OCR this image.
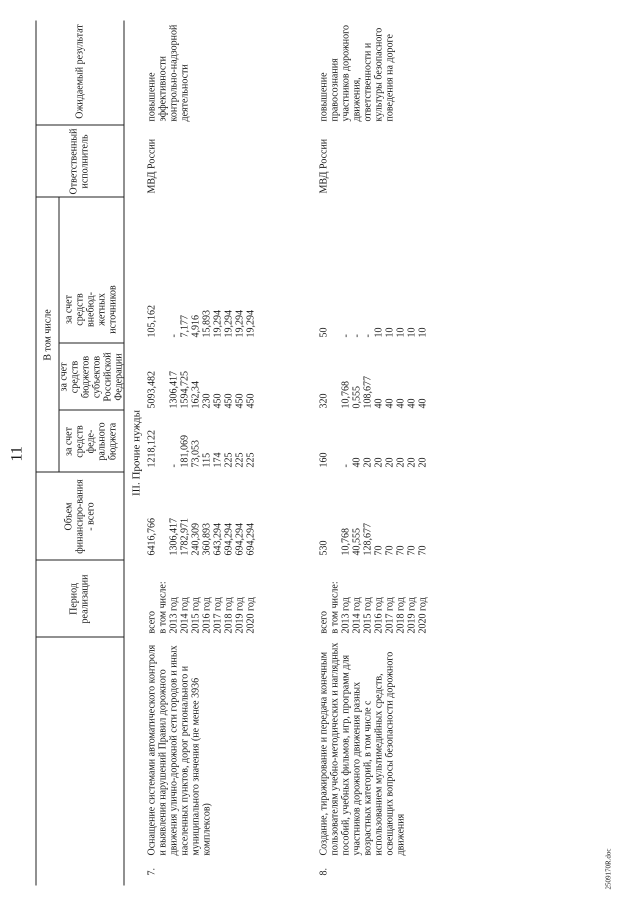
11
Период реализации
Объем финансиро-вания - всего
В том числе
за счет средств феде-рального бюджета
за счет средств бюджетов субъектов Российской Федерации
за счет средств внебюд-жетных источников
Ответственный исполнитель
Ожидаемый результат
III. Прочие нужды
7.
Оснащение системами автоматического контроля и выявления нарушений Правил дорожного движения улично-дорожной сети городов и иных населенных пунктов, дорог регионального и муниципального значения (не менее 3936 комплексов)
всего
в том числе:
2013 год
2014 год
2015 год
2016 год
2017 год
2018 год
2019 год
2020 год
6416,766

1306,417
1782,971
240,309
360,893
643,294
694,294
694,294
694,294
1218,122

-
181,069
73,053
115
174
225
225
225
5093,482

1306,417
1594,725
162,34
230
450
450
450
450
105,162

-
7,177
4,916
15,893
19,294
19,294
19,294
19,294
МВД России
повышение эффективности контрольно-надзорной деятельности
8.
Создание, тиражирование и передача конечным пользователям учебно-методических и наглядных пособий, учебных фильмов, игр, программ для участников дорожного движения разных возрастных категорий, в том числе с использованием мультимедийных средств, освещающих вопросы безопасности дорожного движения
всего
в том числе:
2013 год
2014 год
2015 год
2016 год
2017 год
2018 год
2019 год
2020 год
530

10,768
40,555
128,677
70
70
70
70
70
160

-
40
20
20
20
20
20
20
320

10,768
0,555
108,677
40
40
40
40
40
50

-
-
-
10
10
10
10
10
МВД России
повышение правосознания участников дорожного движения, ответственности и культуры безопасного поведения на дороге
2509170R.doc
